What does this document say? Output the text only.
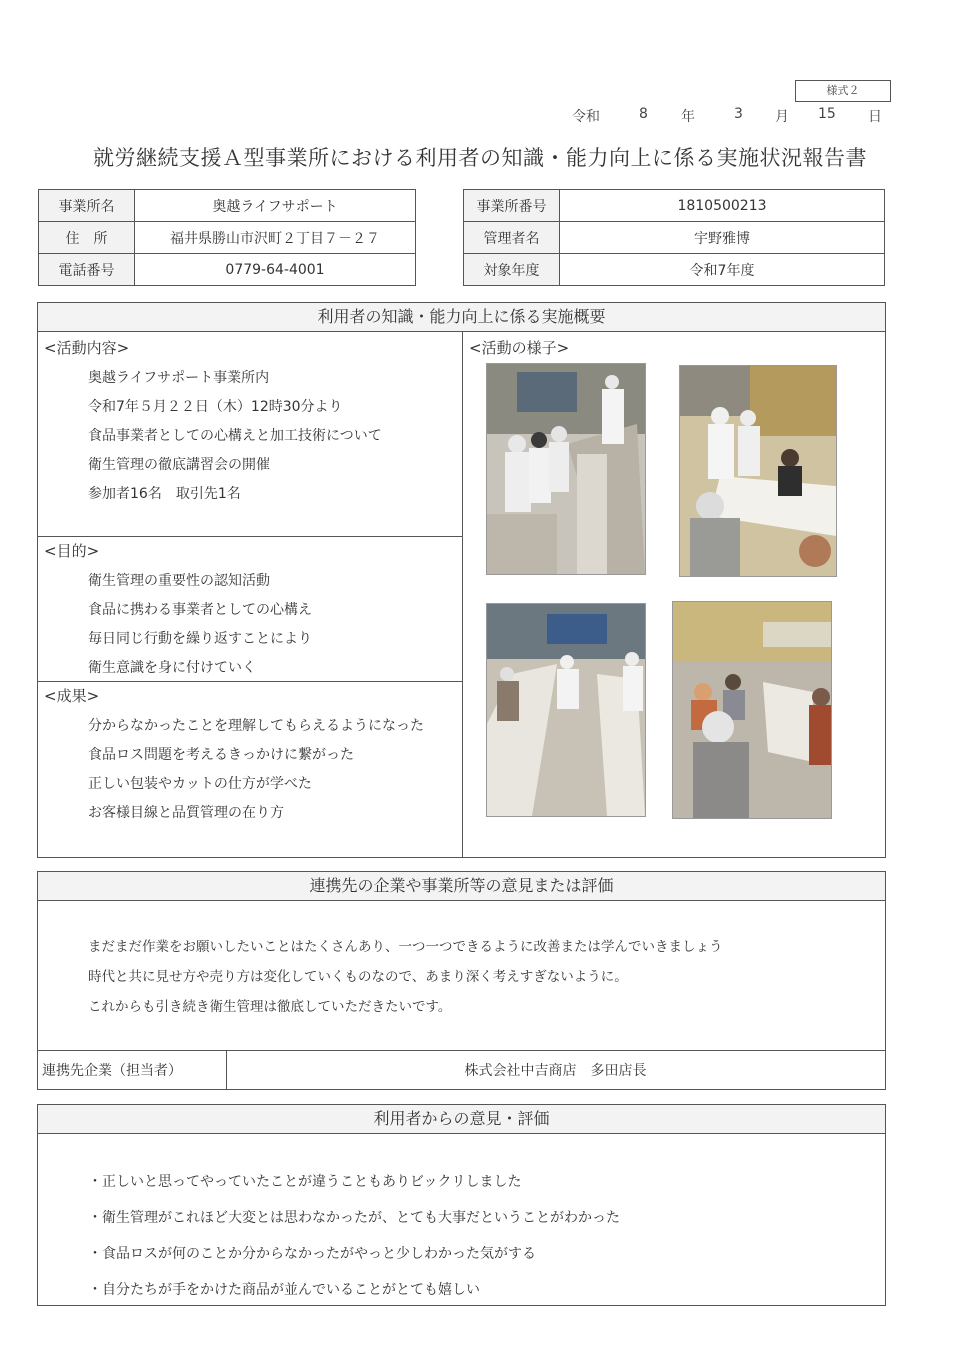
様式２
令和	8 年	3 月 15 日
就労継続支援Ａ型事業所における利用者の知識・能力向上に係る実施状況報告書
事業所名	奥越ライフサポート
住　所	福井県勝山市沢町２丁目７－２７
電話番号	0779-64-4001
事業所番号	1810500213
管理者名	宇野雅博
対象年度	令和7年度
利用者の知識・能力向上に係る実施概要
<活動内容>
奥越ライフサポート事業所内
令和7年５月２２日（木）12時30分より
食品事業者としての心構えと加工技術について
衛生管理の徹底講習会の開催
参加者16名　取引先1名
<目的>
衛生管理の重要性の認知活動
食品に携わる事業者としての心構え
毎日同じ行動を繰り返すことにより
衛生意識を身に付けていく
<成果>
分からなかったことを理解してもらえるようになった
食品ロス問題を考えるきっかけに繋がった
正しい包装やカットの仕方が学べた
お客様目線と品質管理の在り方
<活動の様子>
連携先の企業や事業所等の意見または評価
まだまだ作業をお願いしたいことはたくさんあり、一つ一つできるように改善または学んでいきましょう
時代と共に見せ方や売り方は変化していくものなので、あまり深く考えすぎないように。
これからも引き続き衛生管理は徹底していただきたいです。
連携先企業（担当者）	株式会社中吉商店　多田店長
利用者からの意見・評価
・正しいと思ってやっていたことが違うこともありビックリしました
・衛生管理がこれほど大変とは思わなかったが、とても大事だということがわかった
・食品ロスが何のことか分からなかったがやっと少しわかった気がする
・自分たちが手をかけた商品が並んでいることがとても嬉しい
